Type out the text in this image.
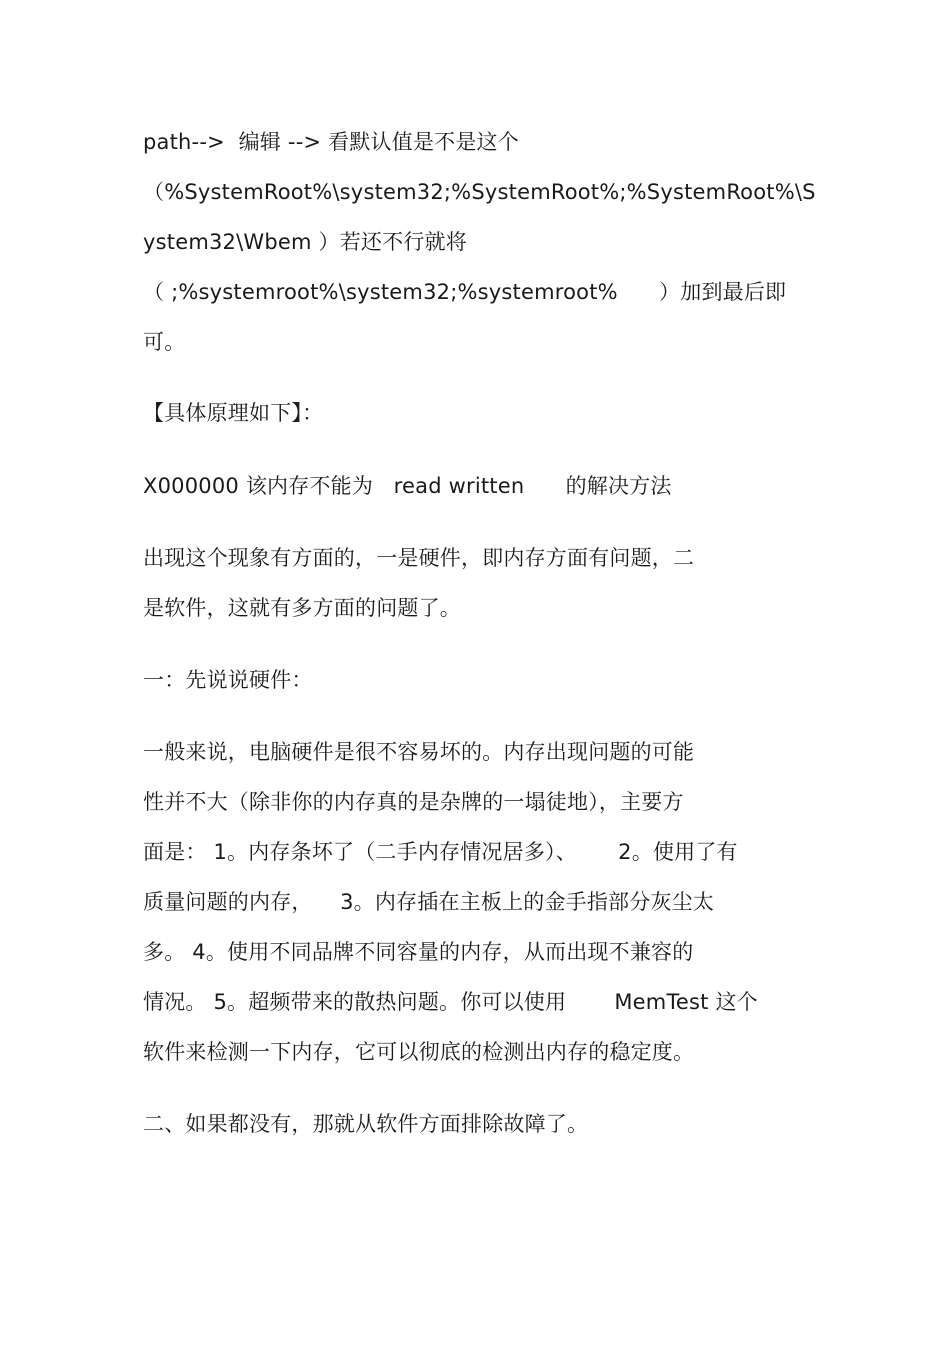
path-->  编辑 --> 看默认值是不是这个
（%SystemRoot%\system32;%SystemRoot%;%SystemRoot%\S
ystem32\Wbem ）若还不行就将
（ ;%systemroot%\system32;%systemroot%      ）加到最后即
可。
【具体原理如下】：
X000000 该内存不能为   read written      的解决方法
出现这个现象有方面的，一是硬件，即内存方面有问题，二
是软件，这就有多方面的问题了。
一：先说说硬件：
一般来说，电脑硬件是很不容易坏的。内存出现问题的可能
性并不大（除非你的内存真的是杂牌的一塌徒地），主要方
面是： 1。内存条坏了（二手内存情况居多）、      2。使用了有
质量问题的内存，    3。内存插在主板上的金手指部分灰尘太
多。 4。使用不同品牌不同容量的内存，从而出现不兼容的
情况。 5。超频带来的散热问题。你可以使用       MemTest 这个
软件来检测一下内存，它可以彻底的检测出内存的稳定度。
二、如果都没有，那就从软件方面排除故障了。
